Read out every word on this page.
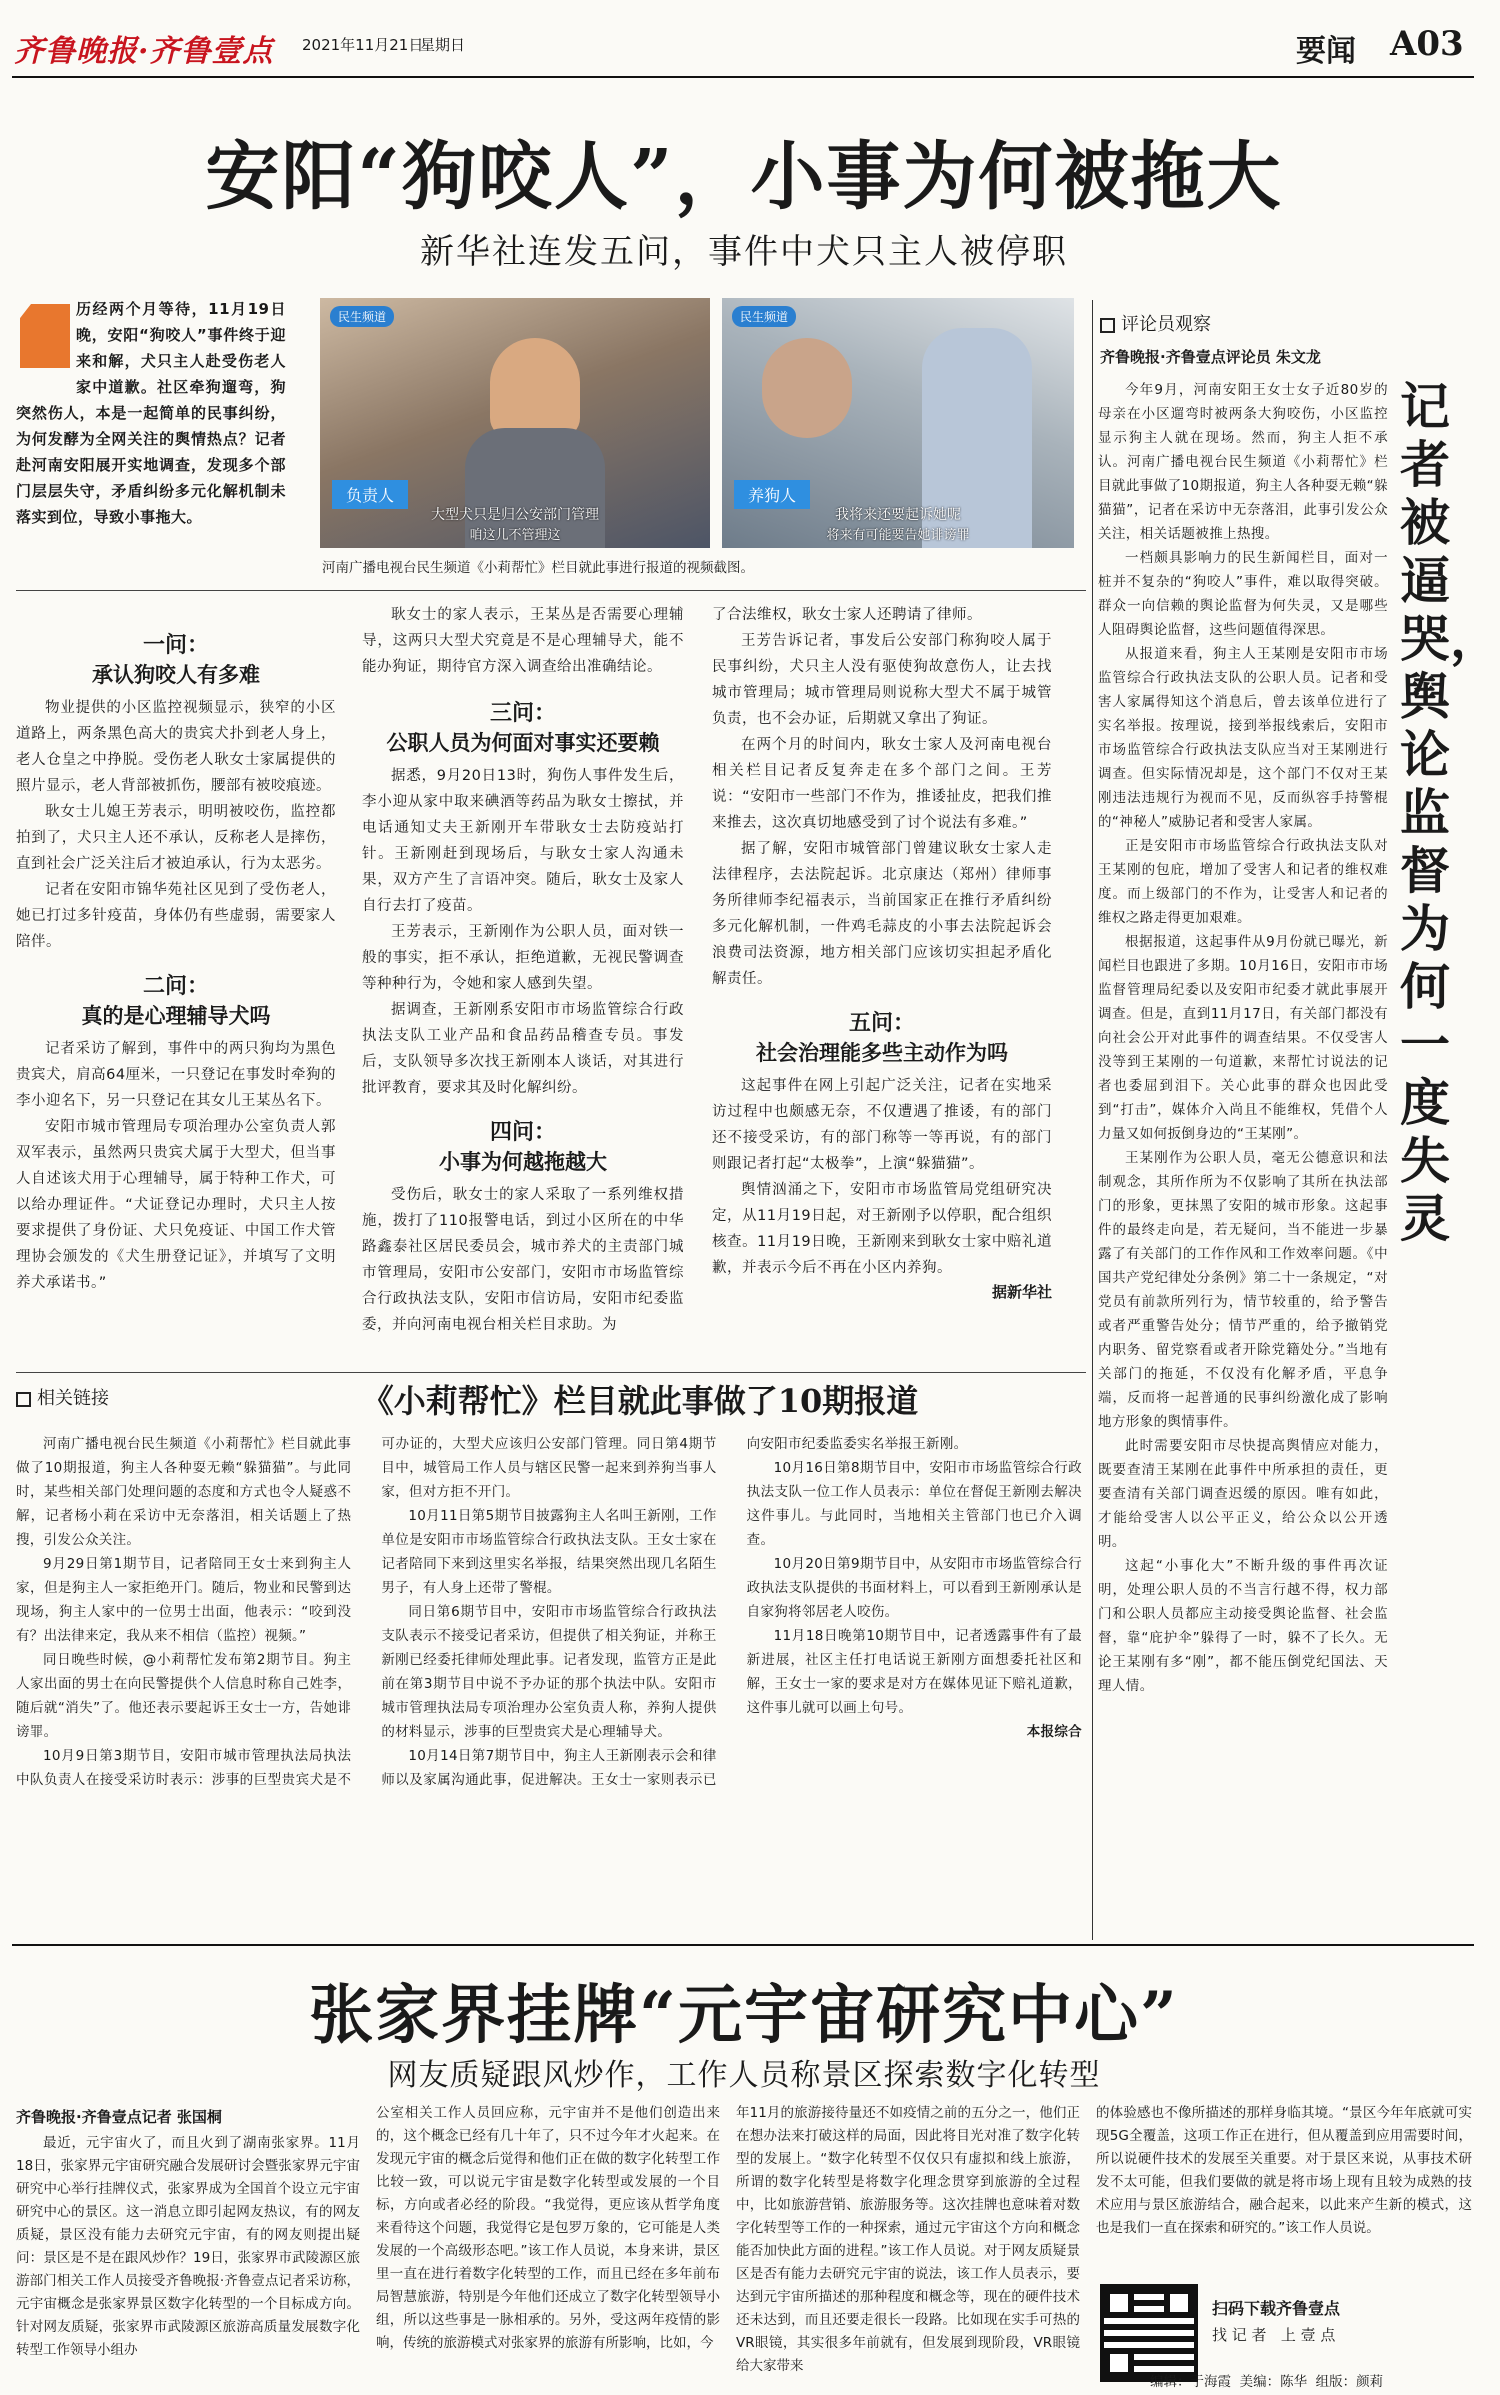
齐鲁晚报·齐鲁壹点 2021年11月21日
星期日	要闻 A03
安阳“狗咬人”，小事为何被拖大
新华社连发五问，事件中犬只主人被停职
历经两个月等待，11月19日晚，安阳“狗咬人”事件终于迎来和解，犬只主人赴受伤老人家中道歉。社区牵狗遛弯，狗突然伤人，本是一起简单的民事纠纷，为何发酵为全网关注的舆情热点？记者赴河南安阳展开实地调查，发现多个部门层层失守，矛盾纠纷多元化解机制未落实到位，导致小事拖大。
民生频道
负责人
大型犬只是归公安部门管理
咱这儿不管理这
民生频道
养狗人
我将来还要起诉她呢
将来有可能要告她诽谤罪
河南广播电视台民生频道《小莉帮忙》栏目就此事进行报道的视频截图。
一问：
承认狗咬人有多难

物业提供的小区监控视频显示，狭窄的小区道路上，两条黑色高大的贵宾犬扑到老人身上，老人仓皇之中挣脱。受伤老人耿女士家属提供的照片显示，老人背部被抓伤，腰部有被咬痕迹。

耿女士儿媳王芳表示，明明被咬伤，监控都拍到了，犬只主人还不承认，反称老人是摔伤，直到社会广泛关注后才被迫承认，行为太恶劣。

记者在安阳市锦华苑社区见到了受伤老人，她已打过多针疫苗，身体仍有些虚弱，需要家人陪伴。

二问：
真的是心理辅导犬吗

记者采访了解到，事件中的两只狗均为黑色贵宾犬，肩高64厘米，一只登记在事发时牵狗的李小迎名下，另一只登记在其女儿王某丛名下。

安阳市城市管理局专项治理办公室负责人郭双军表示，虽然两只贵宾犬属于大型犬，但当事人自述该犬用于心理辅导，属于特种工作犬，可以给办理证件。“犬证登记办理时，犬只主人按要求提供了身份证、犬只免疫证、中国工作犬管理协会颁发的《犬生册登记证》，并填写了文明养犬承诺书。”

耿女士的家人表示，王某丛是否需要心理辅导，这两只大型犬究竟是不是心理辅导犬，能不能办狗证，期待官方深入调查给出准确结论。

三问：
公职人员为何面对事实还要赖

据悉，9月20日13时，狗伤人事件发生后，李小迎从家中取来碘酒等药品为耿女士擦拭，并电话通知丈夫王新刚开车带耿女士去防疫站打针。王新刚赶到现场后，与耿女士家人沟通未果，双方产生了言语冲突。随后，耿女士及家人自行去打了疫苗。

王芳表示，王新刚作为公职人员，面对铁一般的事实，拒不承认，拒绝道歉，无视民警调查等种种行为，令她和家人感到失望。

据调查，王新刚系安阳市市场监管综合行政执法支队工业产品和食品药品稽查专员。事发后，支队领导多次找王新刚本人谈话，对其进行批评教育，要求其及时化解纠纷。

四问：
小事为何越拖越大

受伤后，耿女士的家人采取了一系列维权措施，拨打了110报警电话，到过小区所在的中华路鑫泰社区居民委员会，城市养犬的主责部门城市管理局，安阳市公安部门，安阳市市场监管综合行政执法支队，安阳市信访局，安阳市纪委监委，并向河南电视台相关栏目求助。为

了合法维权，耿女士家人还聘请了律师。

王芳告诉记者，事发后公安部门称狗咬人属于民事纠纷，犬只主人没有驱使狗故意伤人，让去找城市管理局；城市管理局则说称大型犬不属于城管负责，也不会办证，后期就又拿出了狗证。

在两个月的时间内，耿女士家人及河南电视台相关栏目记者反复奔走在多个部门之间。王芳说：“安阳市一些部门不作为，推诿扯皮，把我们推来推去，这次真切地感受到了讨个说法有多难。”

据了解，安阳市城管部门曾建议耿女士家人走法律程序，去法院起诉。北京康达（郑州）律师事务所律师李纪福表示，当前国家正在推行矛盾纠纷多元化解机制，一件鸡毛蒜皮的小事去法院起诉会浪费司法资源，地方相关部门应该切实担起矛盾化解责任。

五问：
社会治理能多些主动作为吗

这起事件在网上引起广泛关注，记者在实地采访过程中也颇感无奈，不仅遭遇了推诿，有的部门还不接受采访，有的部门称等一等再说，有的部门则跟记者打起“太极拳”，上演“躲猫猫”。

舆情汹涌之下，安阳市市场监管局党组研究决定，从11月19日起，对王新刚予以停职，配合组织核查。11月19日晚，王新刚来到耿女士家中赔礼道歉，并表示今后不再在小区内养狗。

据新华社
评论员观察
齐鲁晚报·齐鲁壹点评论员 朱文龙

今年9月，河南安阳王女士女子近80岁的母亲在小区遛弯时被两条大狗咬伤，小区监控显示狗主人就在现场。然而，狗主人拒不承认。河南广播电视台民生频道《小莉帮忙》栏目就此事做了10期报道，狗主人各种耍无赖“躲猫猫”，记者在采访中无奈落泪，此事引发公众关注，相关话题被推上热搜。

一档颇具影响力的民生新闻栏目，面对一桩并不复杂的“狗咬人”事件，难以取得突破。群众一向信赖的舆论监督为何失灵，又是哪些人阻碍舆论监督，这些问题值得深思。

从报道来看，狗主人王某刚是安阳市市场监管综合行政执法支队的公职人员。记者和受害人家属得知这个消息后，曾去该单位进行了实名举报。按理说，接到举报线索后，安阳市市场监管综合行政执法支队应当对王某刚进行调查。但实际情况却是，这个部门不仅对王某刚违法违规行为视而不见，反而纵容手持警棍的“神秘人”威胁记者和受害人家属。

正是安阳市市场监管综合行政执法支队对王某刚的包庇，增加了受害人和记者的维权难度。而上级部门的不作为，让受害人和记者的维权之路走得更加艰难。

根据报道，这起事件从9月份就已曝光，新闻栏目也跟进了多期。10月16日，安阳市市场监督管理局纪委以及安阳市纪委才就此事展开调查。但是，直到11月17日，有关部门都没有向社会公开对此事件的调查结果。不仅受害人没等到王某刚的一句道歉，来帮忙讨说法的记者也委屈到泪下。关心此事的群众也因此受到“打击”，媒体介入尚且不能维权，凭借个人力量又如何扳倒身边的“王某刚”。

王某刚作为公职人员，毫无公德意识和法制观念，其所作所为不仅影响了其所在执法部门的形象，更抹黑了安阳的城市形象。这起事件的最终走向是，若无疑问，当不能进一步暴露了有关部门的工作作风和工作效率问题。《中国共产党纪律处分条例》第二十一条规定，“对党员有前款所列行为，情节较重的，给予警告或者严重警告处分；情节严重的，给予撤销党内职务、留党察看或者开除党籍处分。”当地有关部门的拖延，不仅没有化解矛盾，平息争端，反而将一起普通的民事纠纷激化成了影响地方形象的舆情事件。

此时需要安阳市尽快提高舆情应对能力，既要查清王某刚在此事件中所承担的责任，更要查清有关部门调查迟缓的原因。唯有如此，才能给受害人以公平正义，给公众以公开透明。

这起“小事化大”不断升级的事件再次证明，处理公职人员的不当言行越不得，权力部门和公职人员都应主动接受舆论监督、社会监督，靠“庇护伞”躲得了一时，躲不了长久。无论王某刚有多“刚”，都不能压倒党纪国法、天理人情。

记者被逼哭，舆论监督为何一度失灵
相关链接	《小莉帮忙》栏目就此事做了10期报道

河南广播电视台民生频道《小莉帮忙》栏目就此事做了10期报道，狗主人各种耍无赖“躲猫猫”。与此同时，某些相关部门处理问题的态度和方式也令人疑惑不解，记者杨小莉在采访中无奈落泪，相关话题上了热搜，引发公众关注。

9月29日第1期节目，记者陪同王女士来到狗主人家，但是狗主人一家拒绝开门。随后，物业和民警到达现场，狗主人家中的一位男士出面，他表示：“咬到没有？出法律来定，我从来不相信（监控）视频。”

同日晚些时候，@小莉帮忙发布第2期节目。狗主人家出面的男士在向民警提供个人信息时称自己姓李，随后就“消失”了。他还表示要起诉王女士一方，告她诽谤罪。

10月9日第3期节目，安阳市城市管理执法局执法中队负责人在接受采访时表示：涉事的巨型贵宾犬是不可办证的，大型犬应该归公安部门管理。同日第4期节目中，城管局工作人员与辖区民警一起来到养狗当事人家，但对方拒不开门。

10月11日第5期节目披露狗主人名叫王新刚，工作单位是安阳市市场监管综合行政执法支队。王女士家在记者陪同下来到这里实名举报，结果突然出现几名陌生男子，有人身上还带了警棍。

同日第6期节目中，安阳市市场监管综合行政执法支队表示不接受记者采访，但提供了相关狗证，并称王新刚已经委托律师处理此事。记者发现，监管方正是此前在第3期节目中说不予办证的那个执法中队。安阳市城市管理执法局专项治理办公室负责人称，养狗人提供的材料显示，涉事的巨型贵宾犬是心理辅导犬。

10月14日第7期节目中，狗主人王新刚表示会和律师以及家属沟通此事，促进解决。王女士一家则表示已向安阳市纪委监委实名举报王新刚。

10月16日第8期节目中，安阳市市场监管综合行政执法支队一位工作人员表示：单位在督促王新刚去解决这件事儿。与此同时，当地相关主管部门也已介入调查。

10月20日第9期节目中，从安阳市市场监管综合行政执法支队提供的书面材料上，可以看到王新刚承认是自家狗将邻居老人咬伤。

11月18日晚第10期节目中，记者透露事件有了最新进展，社区主任打电话说王新刚方面想委托社区和解，王女士一家的要求是对方在媒体见证下赔礼道歉，这件事儿就可以画上句号。

本报综合
张家界挂牌“元宇宙研究中心”
网友质疑跟风炒作，工作人员称景区探索数字化转型
齐鲁晚报·齐鲁壹点记者 张国桐
最近，元宇宙火了，而且火到了湖南张家界。11月18日，张家界元宇宙研究融合发展研讨会暨张家界元宇宙研究中心举行挂牌仪式，张家界成为全国首个设立元宇宙研究中心的景区。这一消息立即引起网友热议，有的网友质疑，景区没有能力去研究元宇宙，有的网友则提出疑问：景区是不是在跟风炒作？19日，张家界市武陵源区旅游部门相关工作人员接受齐鲁晚报·齐鲁壹点记者采访称，元宇宙概念是张家界景区数字化转型的一个目标成方向。针对网友质疑，张家界市武陵源区旅游高质量发展数字化转型工作领导小组办
公室相关工作人员回应称，元宇宙并不是他们创造出来的，这个概念已经有几十年了，只不过今年才火起来。在发现元宇宙的概念后觉得和他们正在做的数字化转型工作比较一致，可以说元宇宙是数字化转型或发展的一个目标，方向或者必经的阶段。“我觉得，更应该从哲学角度来看待这个问题，我觉得它是包罗万象的，它可能是人类发展的一个高级形态吧。”该工作人员说，本身来讲，景区里一直在进行着数字化转型的工作，而且已经在多年前布局智慧旅游，特别是今年他们还成立了数字化转型领导小组，所以这些事是一脉相承的。另外，受这两年疫情的影响，传统的旅游模式对张家界的旅游有所影响，比如，今
年11月的旅游接待量还不如疫情之前的五分之一，他们正在想办法来打破这样的局面，因此将目光对准了数字化转型的发展上。“数字化转型不仅仅只有虚拟和线上旅游，所谓的数字化转型是将数字化理念贯穿到旅游的全过程中，比如旅游营销、旅游服务等。这次挂牌也意味着对数字化转型等工作的一种探索，通过元宇宙这个方向和概念能否加快此方面的进程。”该工作人员说。对于网友质疑景区是否有能力去研究元宇宙的说法，该工作人员表示，要达到元宇宙所描述的那种程度和概念等，现在的硬件技术还未达到，而且还要走很长一段路。比如现在实手可热的VR眼镜，其实很多年前就有，但发展到现阶段，VR眼镜给大家带来
的体验感也不像所描述的那样身临其境。“景区今年年底就可实现5G全覆盖，这项工作正在进行，但从覆盖到应用需要时间，所以说硬件技术的发展至关重要。对于景区来说，从事技术研发不太可能，但我们要做的就是将市场上现有且较为成熟的技术应用与景区旅游结合，融合起来，以此来产生新的模式，这也是我们一直在探索和研究的。”该工作人员说。
扫码下载齐鲁壹点
找 记 者   上 壹 点
编辑：于海霞  美编：陈华  组版：颜莉
